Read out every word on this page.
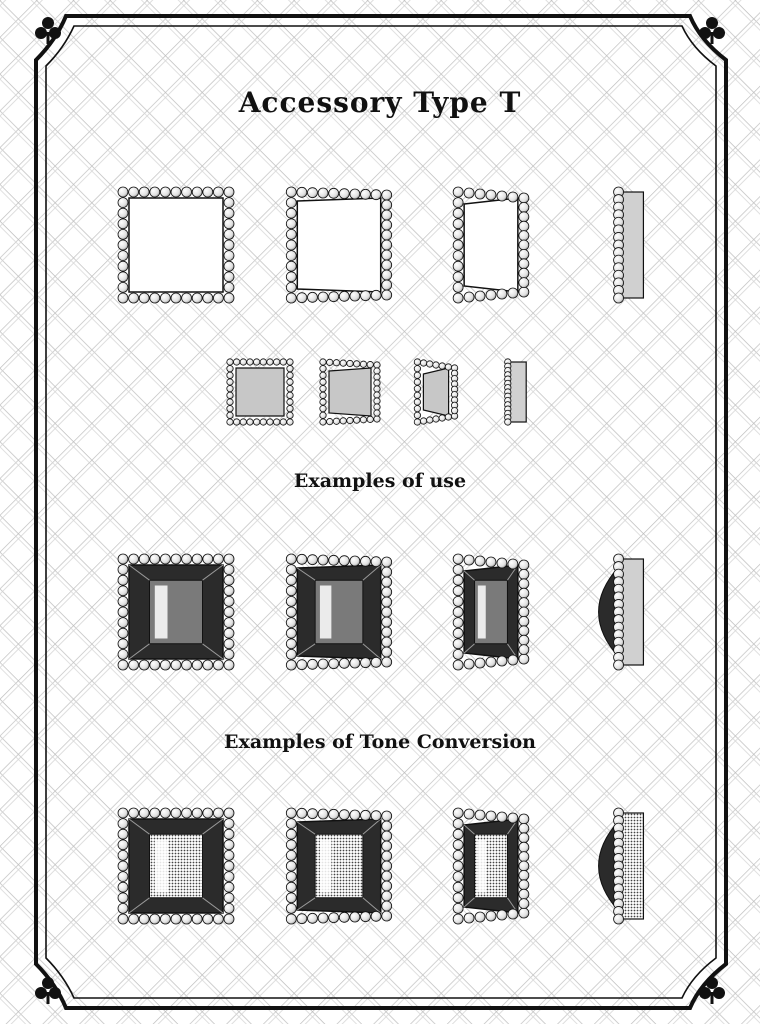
Accessory Type T
Examples of use
Examples of Tone Conversion
